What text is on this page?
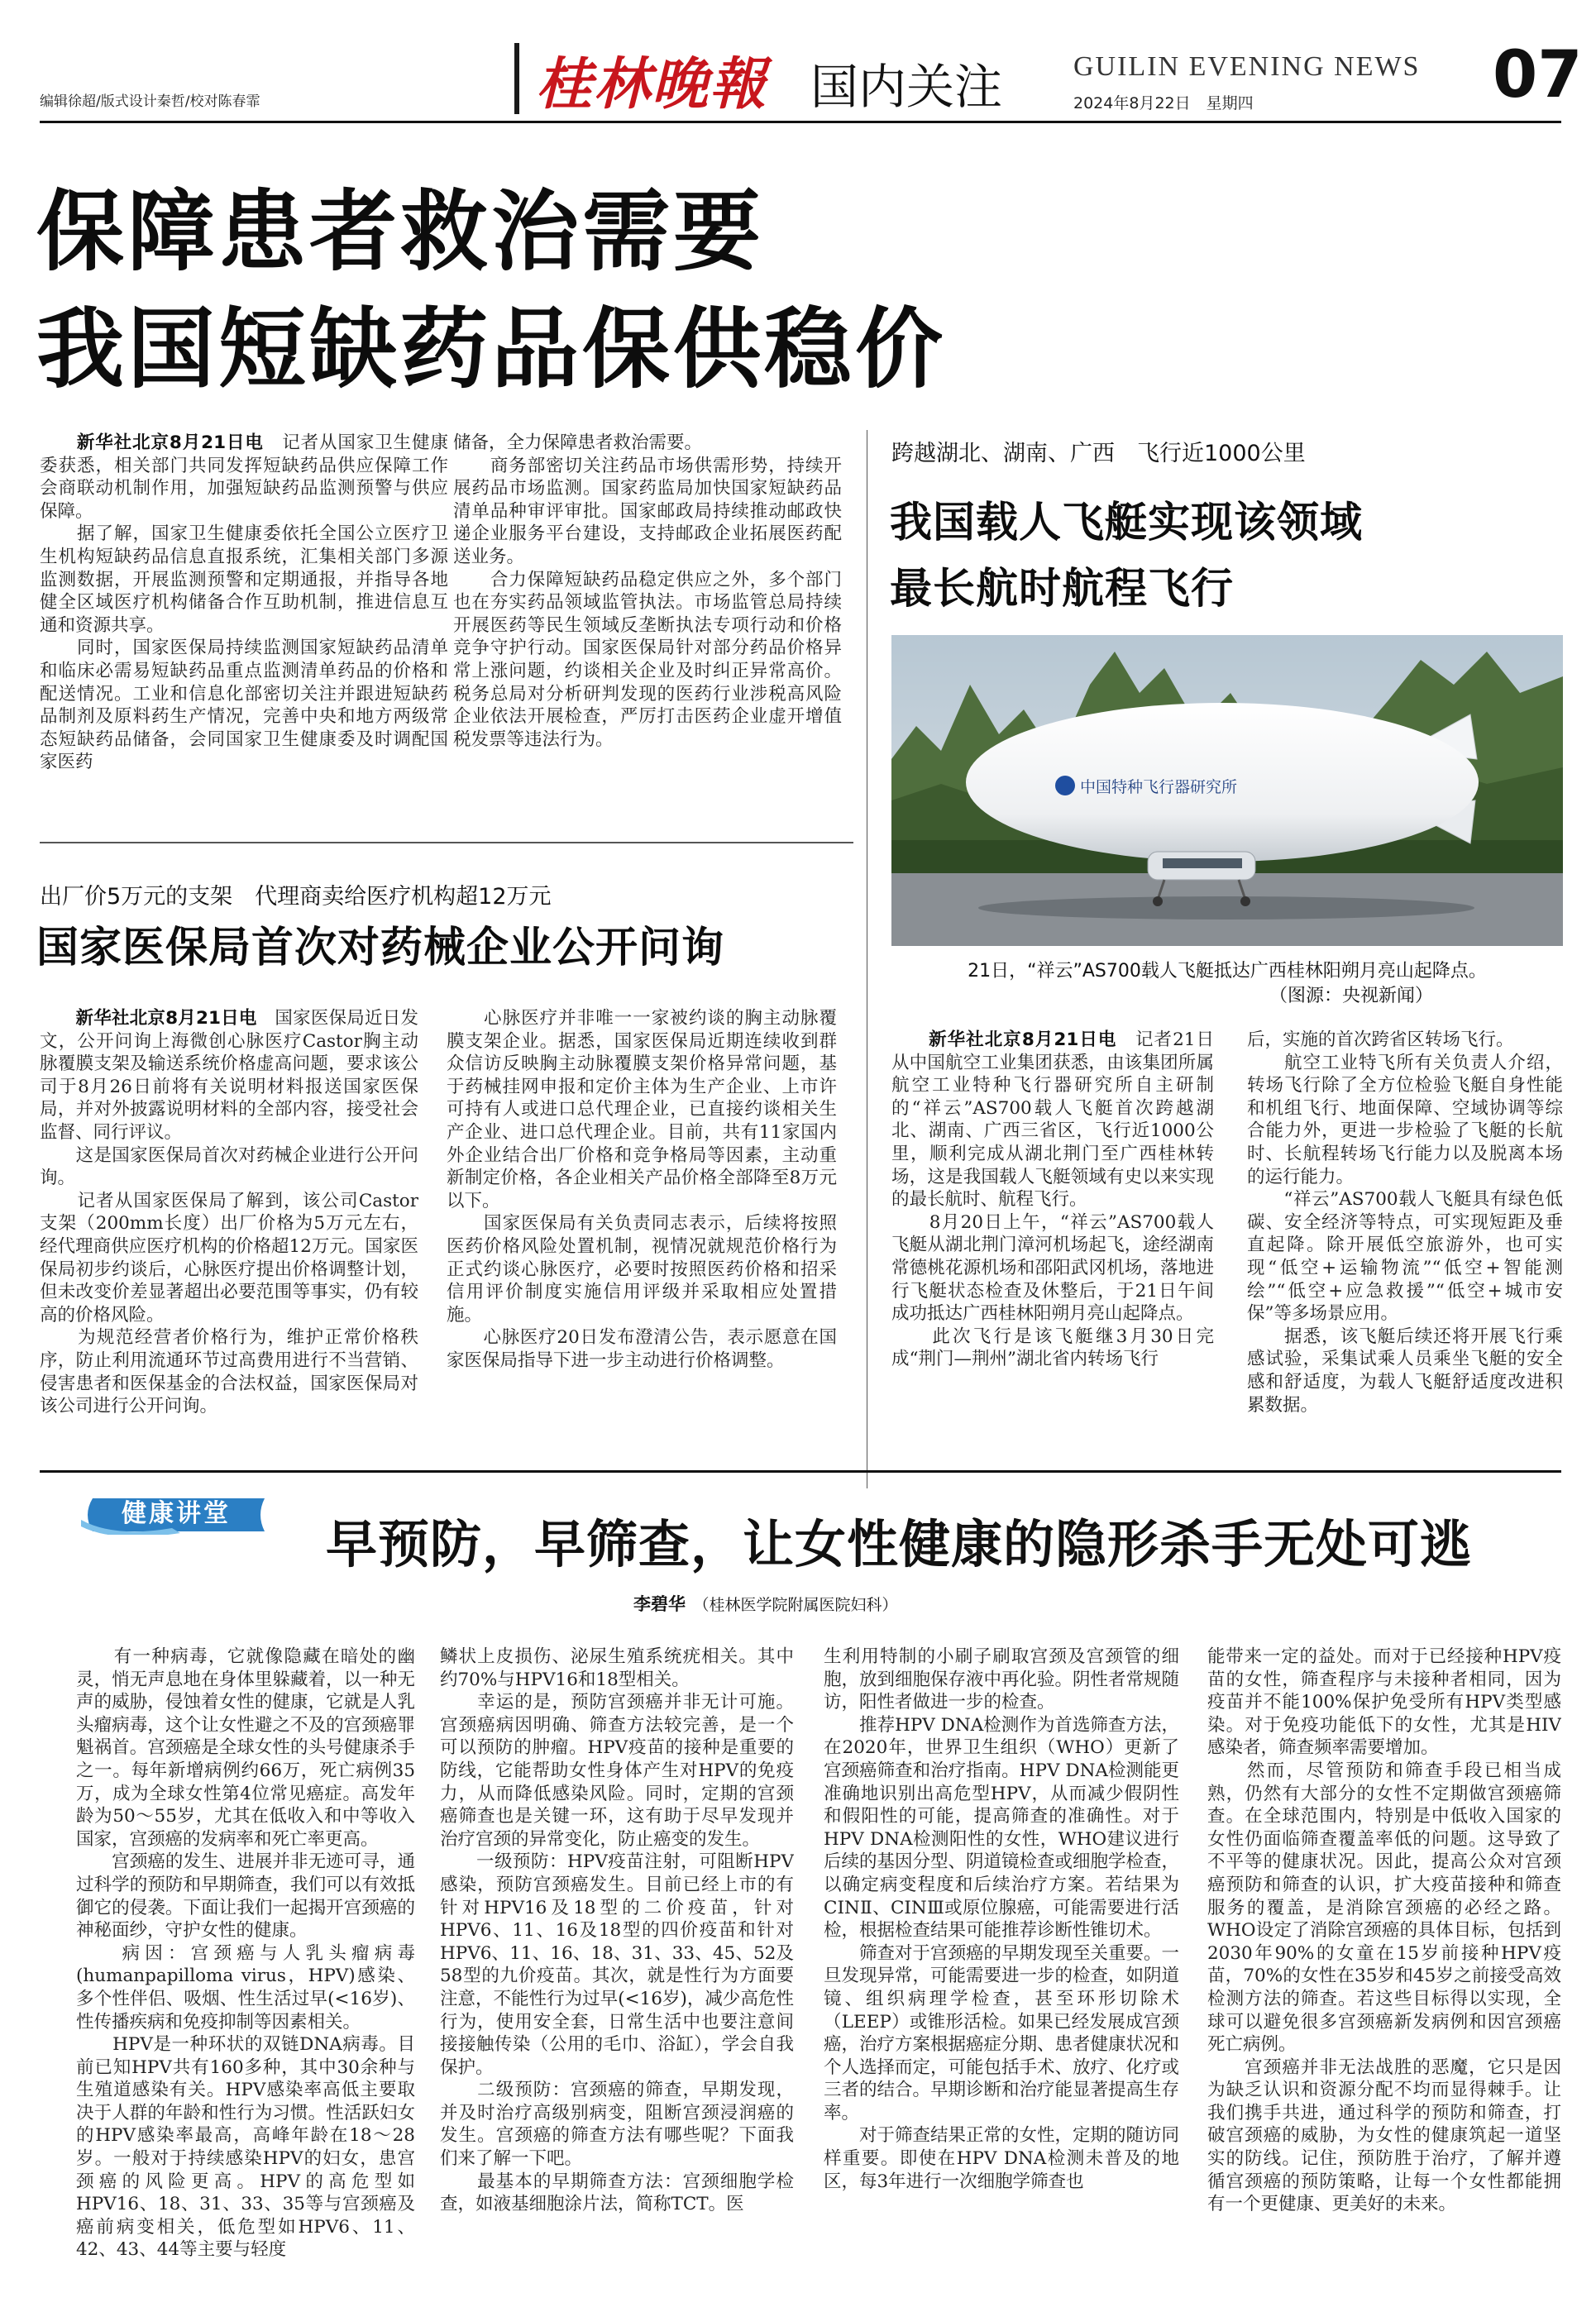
编辑徐超/版式设计秦哲/校对陈春霏	桂林晚報 国内关注	GUILIN EVENING NEWS
2024年8月22日　星期四	07
保障患者救治需要
我国短缺药品保供稳价
　　新华社北京8月21日电　记者从国家卫生健康委获悉，相关部门共同发挥短缺药品供应保障工作会商联动机制作用，加强短缺药品监测预警与供应保障。
　　据了解，国家卫生健康委依托全国公立医疗卫生机构短缺药品信息直报系统，汇集相关部门多源监测数据，开展监测预警和定期通报，并指导各地健全区域医疗机构储备合作互助机制，推进信息互通和资源共享。
　　同时，国家医保局持续监测国家短缺药品清单和临床必需易短缺药品重点监测清单药品的价格和配送情况。工业和信息化部密切关注并跟进短缺药品制剂及原料药生产情况，完善中央和地方两级常态短缺药品储备，会同国家卫生健康委及时调配国家医药
储备，全力保障患者救治需要。
　　商务部密切关注药品市场供需形势，持续开展药品市场监测。国家药监局加快国家短缺药品清单品种审评审批。国家邮政局持续推动邮政快递企业服务平台建设，支持邮政企业拓展医药配送业务。
　　合力保障短缺药品稳定供应之外，多个部门也在夯实药品领域监管执法。市场监管总局持续开展医药等民生领域反垄断执法专项行动和价格竞争守护行动。国家医保局针对部分药品价格异常上涨问题，约谈相关企业及时纠正异常高价。税务总局对分析研判发现的医药行业涉税高风险企业依法开展检查，严厉打击医药企业虚开增值税发票等违法行为。
出厂价5万元的支架　代理商卖给医疗机构超12万元
国家医保局首次对药械企业公开问询
　　新华社北京8月21日电　国家医保局近日发文，公开问询上海微创心脉医疗Castor胸主动脉覆膜支架及输送系统价格虚高问题，要求该公司于8月26日前将有关说明材料报送国家医保局，并对外披露说明材料的全部内容，接受社会监督、同行评议。
　　这是国家医保局首次对药械企业进行公开问询。
　　记者从国家医保局了解到，该公司Castor支架（200mm长度）出厂价格为5万元左右，经代理商供应医疗机构的价格超12万元。国家医保局初步约谈后，心脉医疗提出价格调整计划，但未改变价差显著超出必要范围等事实，仍有较高的价格风险。
　　为规范经营者价格行为，维护正常价格秩序，防止利用流通环节过高费用进行不当营销、侵害患者和医保基金的合法权益，国家医保局对该公司进行公开问询。
　　心脉医疗并非唯一一家被约谈的胸主动脉覆膜支架企业。据悉，国家医保局近期连续收到群众信访反映胸主动脉覆膜支架价格异常问题，基于药械挂网申报和定价主体为生产企业、上市许可持有人或进口总代理企业，已直接约谈相关生产企业、进口总代理企业。目前，共有11家国内外企业结合出厂价格和竞争格局等因素，主动重新制定价格，各企业相关产品价格全部降至8万元以下。
　　国家医保局有关负责同志表示，后续将按照医药价格风险处置机制，视情况就规范价格行为正式约谈心脉医疗，必要时按照医药价格和招采信用评价制度实施信用评级并采取相应处置措施。
　　心脉医疗20日发布澄清公告，表示愿意在国家医保局指导下进一步主动进行价格调整。
跨越湖北、湖南、广西　飞行近1000公里
我国载人飞艇实现该领域
最长航时航程飞行
中国特种飞行器研究所
21日，“祥云”AS700载人飞艇抵达广西桂林阳朔月亮山起降点。
（图源：央视新闻）
　　新华社北京8月21日电　记者21日从中国航空工业集团获悉，由该集团所属航空工业特种飞行器研究所自主研制的“祥云”AS700载人飞艇首次跨越湖北、湖南、广西三省区，飞行近1000公里，顺利完成从湖北荆门至广西桂林转场，这是我国载人飞艇领域有史以来实现的最长航时、航程飞行。
　　8月20日上午，“祥云”AS700载人飞艇从湖北荆门漳河机场起飞，途经湖南常德桃花源机场和邵阳武冈机场，落地进行飞艇状态检查及休整后，于21日午间成功抵达广西桂林阳朔月亮山起降点。
　　此次飞行是该飞艇继3月30日完成“荆门—荆州”湖北省内转场飞行
后，实施的首次跨省区转场飞行。
　　航空工业特飞所有关负责人介绍，转场飞行除了全方位检验飞艇自身性能和机组飞行、地面保障、空域协调等综合能力外，更进一步检验了飞艇的长航时、长航程转场飞行能力以及脱离本场的运行能力。
　　“祥云”AS700载人飞艇具有绿色低碳、安全经济等特点，可实现短距及垂直起降。除开展低空旅游外，也可实现“低空+运输物流”“低空+智能测绘”“低空+应急救援”“低空+城市安保”等多场景应用。
　　据悉，该飞艇后续还将开展飞行乘感试验，采集试乘人员乘坐飞艇的安全感和舒适度，为载人飞艇舒适度改进积累数据。
健康讲堂
早预防，早筛查，让女性健康的隐形杀手无处可逃
李碧华　 （桂林医学院附属医院妇科）
　　有一种病毒，它就像隐藏在暗处的幽灵，悄无声息地在身体里躲藏着，以一种无声的威胁，侵蚀着女性的健康，它就是人乳头瘤病毒，这个让女性避之不及的宫颈癌罪魁祸首。宫颈癌是全球女性的头号健康杀手之一。每年新增病例约66万，死亡病例35万，成为全球女性第4位常见癌症。高发年龄为50～55岁，尤其在低收入和中等收入国家，宫颈癌的发病率和死亡率更高。
　　宫颈癌的发生、进展并非无迹可寻，通过科学的预防和早期筛查，我们可以有效抵御它的侵袭。下面让我们一起揭开宫颈癌的神秘面纱，守护女性的健康。
　　病因：宫颈癌与人乳头瘤病毒(humanpapilloma virus，HPV)感染、多个性伴侣、吸烟、性生活过早(<16岁)、性传播疾病和免疫抑制等因素相关。
　　HPV是一种环状的双链DNA病毒。目前已知HPV共有160多种，其中30余种与生殖道感染有关。HPV感染率高低主要取决于人群的年龄和性行为习惯。性活跃妇女的HPV感染率最高，高峰年龄在18～28岁。一般对于持续感染HPV的妇女，患宫颈癌的风险更高。HPV的高危型如HPV16、18、31、33、35等与宫颈癌及癌前病变相关，低危型如HPV6、11、42、43、44等主要与轻度
鳞状上皮损伤、泌尿生殖系统疣相关。其中约70%与HPV16和18型相关。
　　幸运的是，预防宫颈癌并非无计可施。宫颈癌病因明确、筛查方法较完善，是一个可以预防的肿瘤。HPV疫苗的接种是重要的防线，它能帮助女性身体产生对HPV的免疫力，从而降低感染风险。同时，定期的宫颈癌筛查也是关键一环，这有助于尽早发现并治疗宫颈的异常变化，防止癌变的发生。
　　一级预防：HPV疫苗注射，可阻断HPV感染，预防宫颈癌发生。目前已经上市的有针对HPV16及18型的二价疫苗，针对HPV6、11、16及18型的四价疫苗和针对HPV6、11、16、18、31、33、45、52及58型的九价疫苗。其次，就是性行为方面要注意，不能性行为过早(<16岁)，减少高危性行为，使用安全套，日常生活中也要注意间接接触传染（公用的毛巾、浴缸），学会自我保护。
　　二级预防：宫颈癌的筛查，早期发现，并及时治疗高级别病变，阻断宫颈浸润癌的发生。宫颈癌的筛查方法有哪些呢？下面我们来了解一下吧。
　　最基本的早期筛查方法：宫颈细胞学检查，如液基细胞涂片法，简称TCT。医
生利用特制的小刷子刷取宫颈及宫颈管的细胞，放到细胞保存液中再化验。阴性者常规随访，阳性者做进一步的检查。
　　推荐HPV DNA检测作为首选筛查方法，在2020年，世界卫生组织（WHO）更新了宫颈癌筛查和治疗指南。HPV DNA检测能更准确地识别出高危型HPV，从而减少假阴性和假阳性的可能，提高筛查的准确性。对于HPV DNA检测阳性的女性，WHO建议进行后续的基因分型、阴道镜检查或细胞学检查，以确定病变程度和后续治疗方案。若结果为CINⅡ、CINⅢ或原位腺癌，可能需要进行活检，根据检查结果可能推荐诊断性锥切术。
　　筛查对于宫颈癌的早期发现至关重要。一旦发现异常，可能需要进一步的检查，如阴道镜、组织病理学检查，甚至环形切除术（LEEP）或锥形活检。如果已经发展成宫颈癌，治疗方案根据癌症分期、患者健康状况和个人选择而定，可能包括手术、放疗、化疗或三者的结合。早期诊断和治疗能显著提高生存率。
　　对于筛查结果正常的女性，定期的随访同样重要。即使在HPV DNA检测未普及的地区，每3年进行一次细胞学筛查也
能带来一定的益处。而对于已经接种HPV疫苗的女性，筛查程序与未接种者相同，因为疫苗并不能100%保护免受所有HPV类型感染。对于免疫功能低下的女性，尤其是HIV感染者，筛查频率需要增加。
　　然而，尽管预防和筛查手段已相当成熟，仍然有大部分的女性不定期做宫颈癌筛查。在全球范围内，特别是中低收入国家的女性仍面临筛查覆盖率低的问题。这导致了不平等的健康状况。因此，提高公众对宫颈癌预防和筛查的认识，扩大疫苗接种和筛查服务的覆盖，是消除宫颈癌的必经之路。WHO设定了消除宫颈癌的具体目标，包括到2030年90%的女童在15岁前接种HPV疫苗，70%的女性在35岁和45岁之前接受高效检测方法的筛查。若这些目标得以实现，全球可以避免很多宫颈癌新发病例和因宫颈癌死亡病例。
　　宫颈癌并非无法战胜的恶魔，它只是因为缺乏认识和资源分配不均而显得棘手。让我们携手共进，通过科学的预防和筛查，打破宫颈癌的威胁，为女性的健康筑起一道坚实的防线。记住，预防胜于治疗，了解并遵循宫颈癌的预防策略，让每一个女性都能拥有一个更健康、更美好的未来。
